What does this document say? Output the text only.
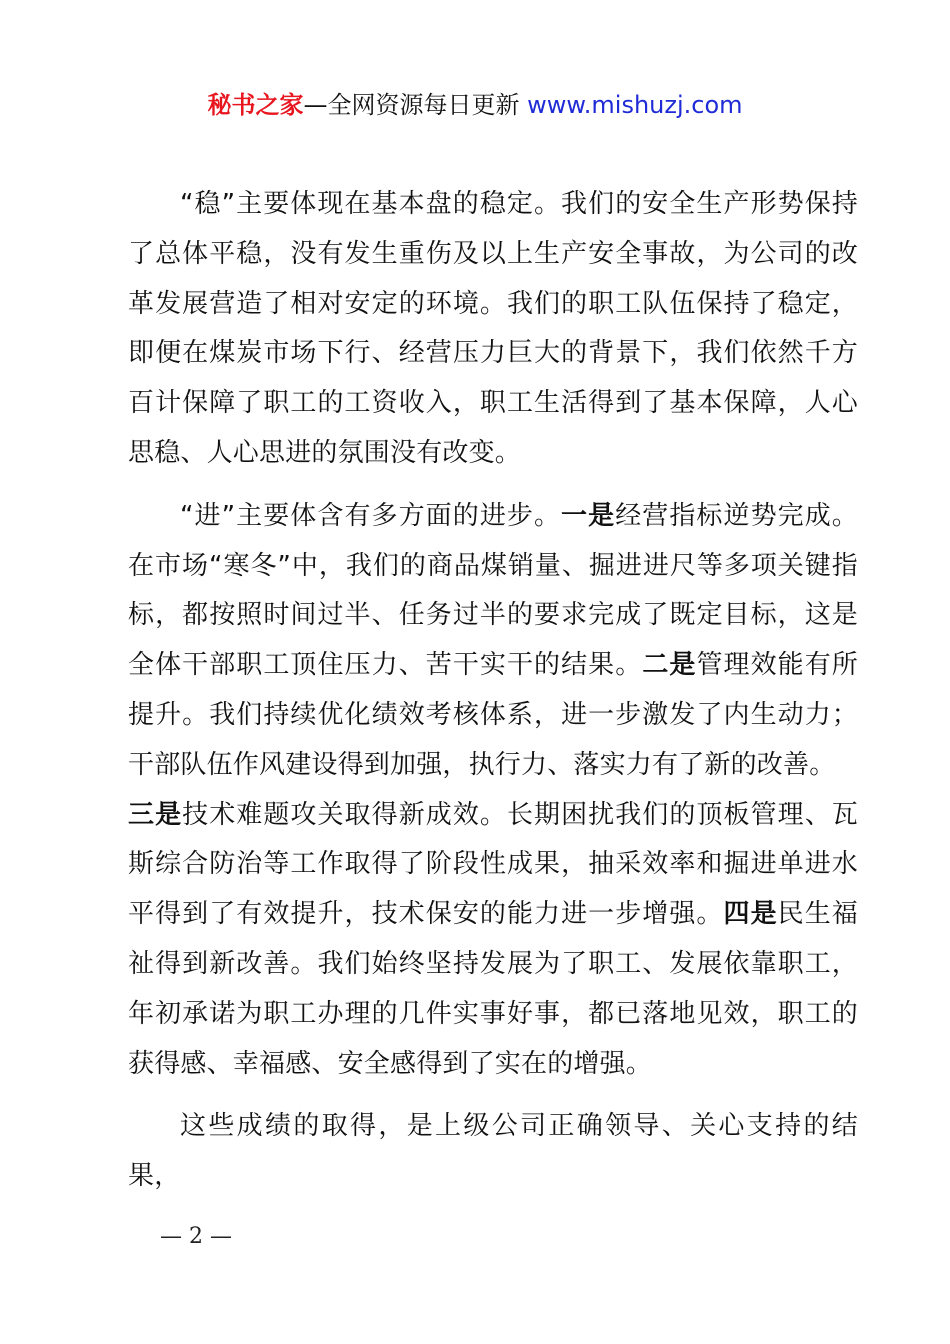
秘书之家—全网资源每日更新 www.mishuzj.com

“稳”主要体现在基本盘的稳定。我们的安全生产形势保持了总体平稳，没有发生重伤及以上生产安全事故，为公司的改革发展营造了相对安定的环境。我们的职工队伍保持了稳定，即便在煤炭市场下行、经营压力巨大的背景下，我们依然千方百计保障了职工的工资收入，职工生活得到了基本保障，人心思稳、人心思进的氛围没有改变。

“进”主要体含有多方面的进步。一是经营指标逆势完成。在市场“寒冬”中，我们的商品煤销量、掘进进尺等多项关键指标，都按照时间过半、任务过半的要求完成了既定目标，这是全体干部职工顶住压力、苦干实干的结果。二是管理效能有所提升。我们持续优化绩效考核体系，进一步激发了内生动力；干部队伍作风建设得到加强，执行力、落实力有了新的改善。
三是技术难题攻关取得新成效。长期困扰我们的顶板管理、瓦斯综合防治等工作取得了阶段性成果，抽采效率和掘进单进水平得到了有效提升，技术保安的能力进一步增强。四是民生福祉得到新改善。我们始终坚持发展为了职工、发展依靠职工，年初承诺为职工办理的几件实事好事，都已落地见效，职工的获得感、幸福感、安全感得到了实在的增强。

这些成绩的取得，是上级公司正确领导、关心支持的结果，

— 2 —
